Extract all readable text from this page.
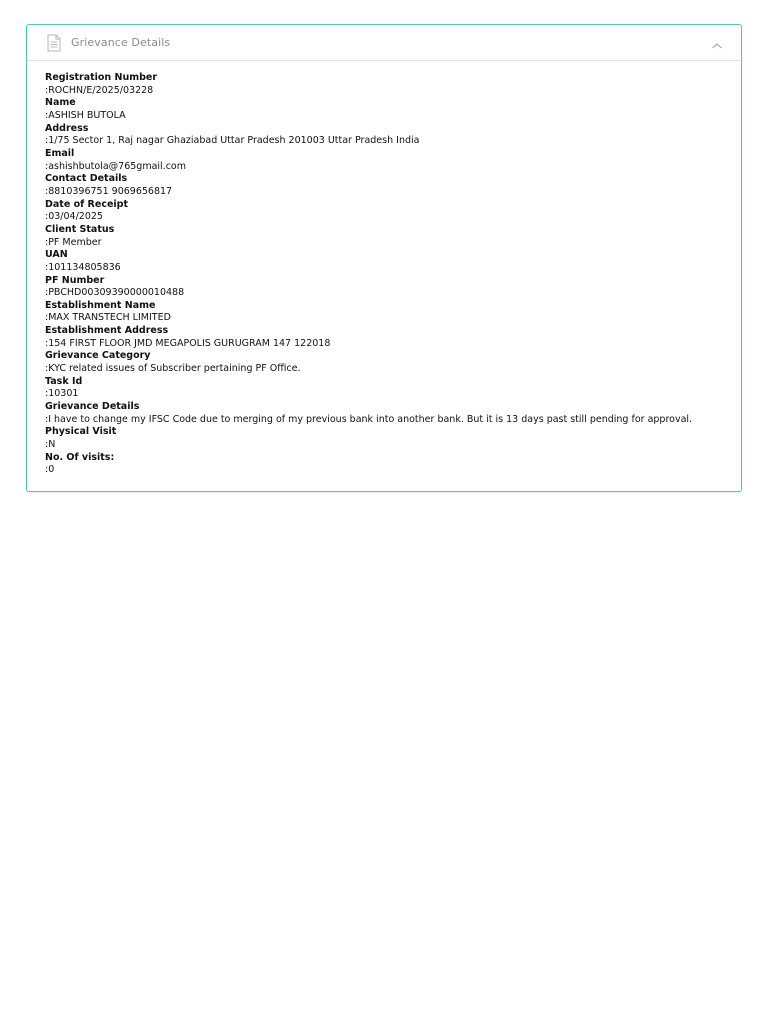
Grievance Details
Registration Number
:ROCHN/E/2025/03228
Name
:ASHISH BUTOLA
Address
:1/75 Sector 1, Raj nagar Ghaziabad Uttar Pradesh 201003 Uttar Pradesh India
Email
:ashishbutola@765gmail.com
Contact Details
:8810396751 9069656817
Date of Receipt
:03/04/2025
Client Status
:PF Member
UAN
:101134805836
PF Number
:PBCHD00309390000010488
Establishment Name
:MAX TRANSTECH LIMITED
Establishment Address
:154 FIRST FLOOR JMD MEGAPOLIS GURUGRAM 147 122018
Grievance Category
:KYC related issues of Subscriber pertaining PF Office.
Task Id
:10301
Grievance Details
:I have to change my IFSC Code due to merging of my previous bank into another bank. But it is 13 days past still pending for approval.
Physical Visit
:N
No. Of visits:
:0
